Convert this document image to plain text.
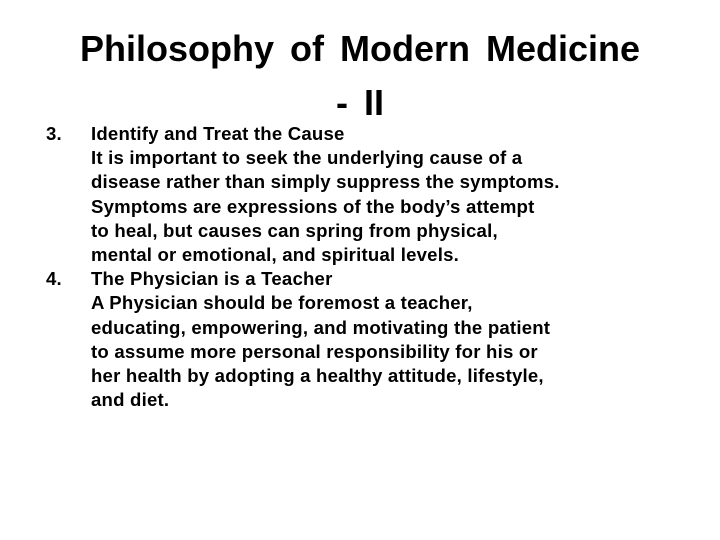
Philosophy of Modern Medicine
- II
3. Identify and Treat the Cause
It is important to seek the underlying cause of a
disease rather than simply suppress the symptoms.
Symptoms are expressions of the body’s attempt
to heal, but causes can spring from physical,
mental or emotional, and spiritual levels.
4. The Physician is a Teacher
A Physician should be foremost a teacher,
educating, empowering, and motivating the patient
to assume more personal responsibility for his or
her health by adopting a healthy attitude, lifestyle,
and diet.
